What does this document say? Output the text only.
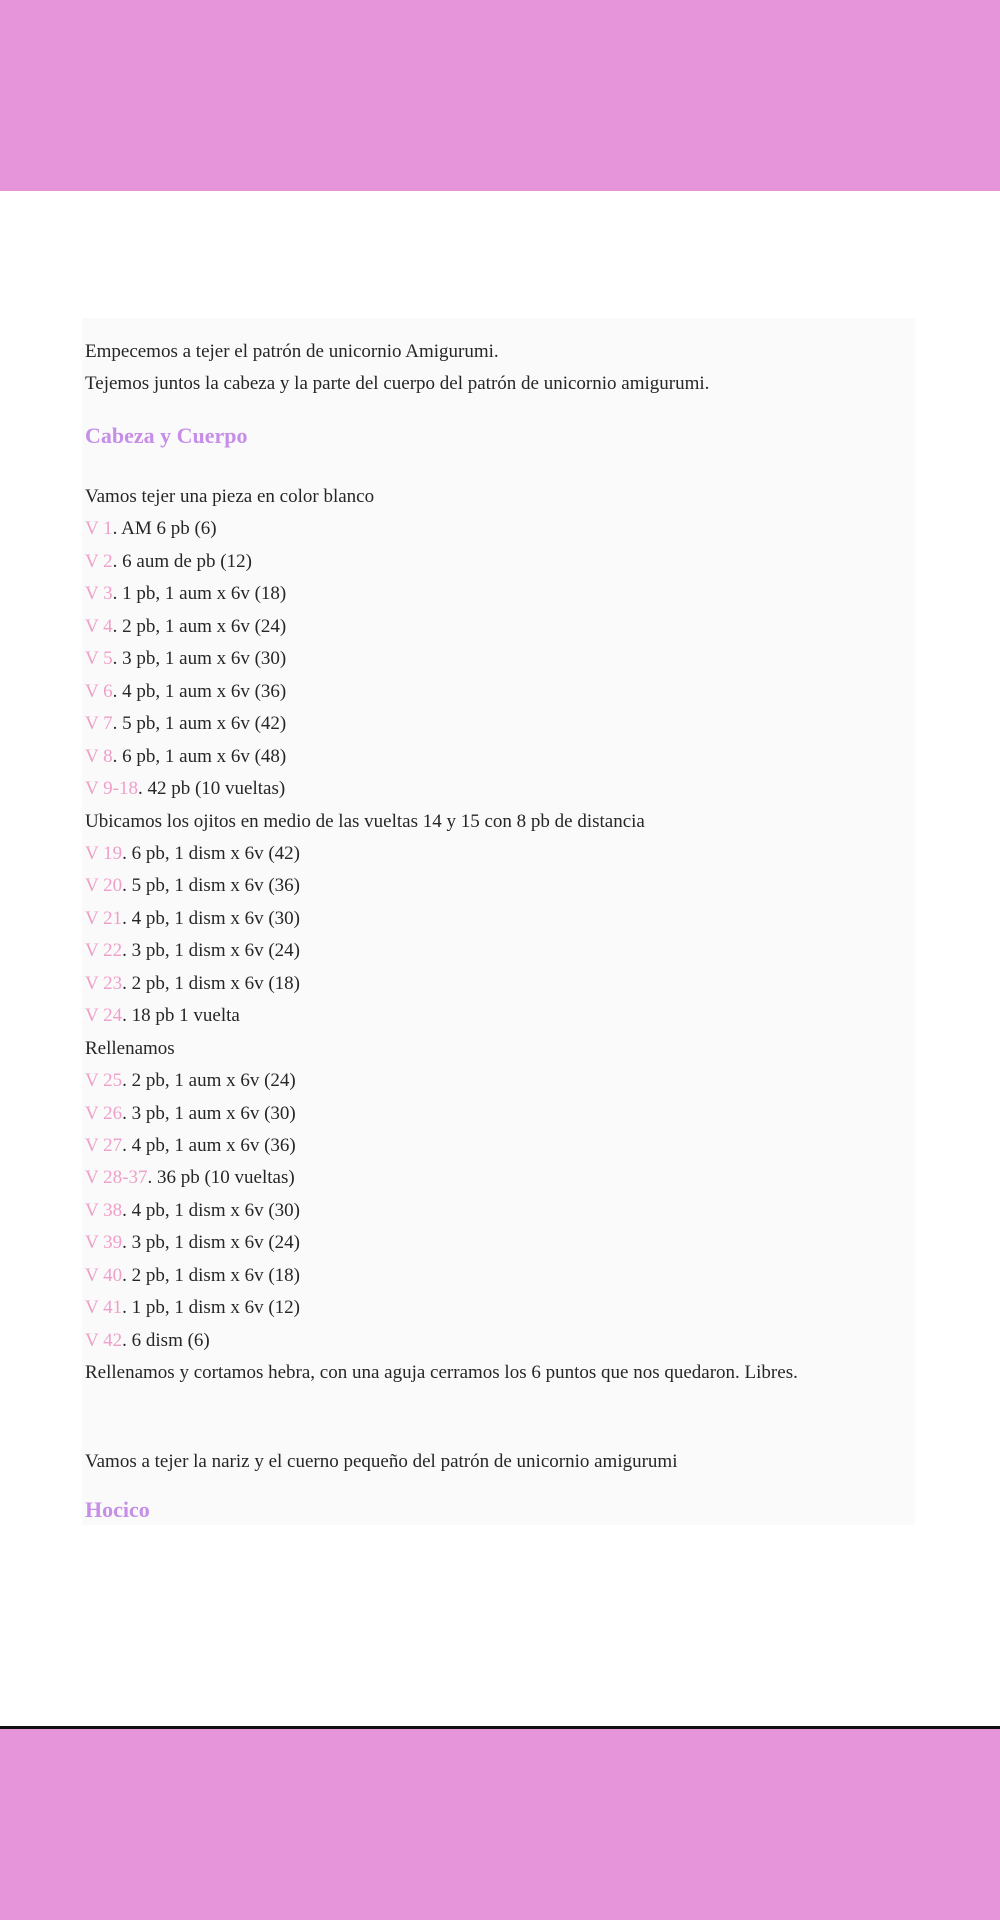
Empecemos a tejer el patrón de unicornio Amigurumi.
Tejemos juntos la cabeza y la parte del cuerpo del patrón de unicornio amigurumi.
Cabeza y Cuerpo
Vamos tejer una pieza en color blanco
V 1. AM 6 pb (6)
V 2. 6 aum de pb (12)
V 3. 1 pb, 1 aum x 6v (18)
V 4. 2 pb, 1 aum x 6v (24)
V 5. 3 pb, 1 aum x 6v (30)
V 6. 4 pb, 1 aum x 6v (36)
V 7. 5 pb, 1 aum x 6v (42)
V 8. 6 pb, 1 aum x 6v (48)
V 9-18. 42 pb (10 vueltas)
Ubicamos los ojitos en medio de las vueltas 14 y 15 con 8 pb de distancia
V 19. 6 pb, 1 dism x 6v (42)
V 20. 5 pb, 1 dism x 6v (36)
V 21. 4 pb, 1 dism x 6v (30)
V 22. 3 pb, 1 dism x 6v (24)
V 23. 2 pb, 1 dism x 6v (18)
V 24. 18 pb 1 vuelta
Rellenamos
V 25. 2 pb, 1 aum x 6v (24)
V 26. 3 pb, 1 aum x 6v (30)
V 27. 4 pb, 1 aum x 6v (36)
V 28-37. 36 pb (10 vueltas)
V 38. 4 pb, 1 dism x 6v (30)
V 39. 3 pb, 1 dism x 6v (24)
V 40. 2 pb, 1 dism x 6v (18)
V 41. 1 pb, 1 dism x 6v (12)
V 42. 6 dism (6)
Rellenamos y cortamos hebra, con una aguja cerramos los 6 puntos que nos quedaron. Libres.
Vamos a tejer la nariz y el cuerno pequeño del patrón de unicornio amigurumi
Hocico
